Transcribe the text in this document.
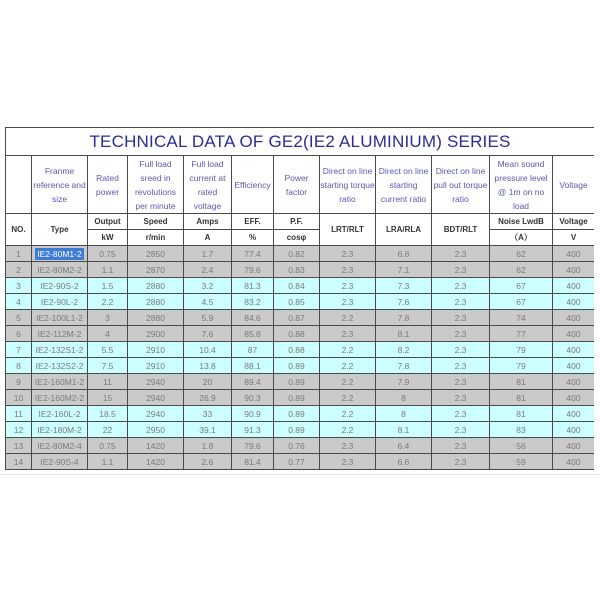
TECHNICAL DATA OF GE2(IE2 ALUMINIUM) SERIES											
	Franme reference and size	Rated power	Full load sreed in revolutions per minute	Full load current at rated voltage	Efficiency	Power factor	Direct on line starting torque ratio	Direct on line starting current ratio	Direct on line pull out torque ratio	Mean sound pressure level @ 1m on no load	Voltage
NO.	Type	Output	Speed	Amps	EFF.	P.F.	LRT/RLT	LRA/RLA	BDT/RLT	Noise LwdB	Voltage
		kW	r/min	A	%	cosφ				（A）	V
1	IE2-80M1-2	0.75	2850	1.7	77.4	0.82	2.3	6.8	2.3	62	400
2	IE2-80M2-2	1.1	2870	2.4	79.6	0.83	2.3	7.1	2.3	62	400
3	IE2-90S-2	1.5	2880	3.2	81.3	0.84	2.3	7.3	2.3	67	400
4	IE2-90L-2	2.2	2880	4.5	83.2	0.85	2.3	7.6	2.3	67	400
5	IE2-100L1-2	3	2880	5.9	84.6	0.87	2.2	7.8	2.3	74	400
6	IE2-112M-2	4	2900	7.6	85.8	0.88	2.3	8.1	2.3	77	400
7	IE2-132S1-2	5.5	2910	10.4	87	0.88	2.2	8.2	2.3	79	400
8	IE2-132S2-2	7.5	2910	13.8	88.1	0.89	2.2	7.8	2.3	79	400
9	IE2-160M1-2	11	2940	20	89.4	0.89	2.2	7.9	2.3	81	400
10	IE2-160M2-2	15	2940	26.9	90.3	0.89	2.2	8	2.3	81	400
11	IE2-160L-2	18.5	2940	33	90.9	0.89	2.2	8	2.3	81	400
12	IE2-180M-2	22	2950	39.1	91.3	0.89	2.2	8.1	2.3	83	400
13	IE2-80M2-4	0.75	1420	1.8	79.6	0.76	2.3	6.4	2.3	56	400
14	IE2-90S-4	1.1	1420	2.6	81.4	0.77	2.3	6.6	2.3	59	400
